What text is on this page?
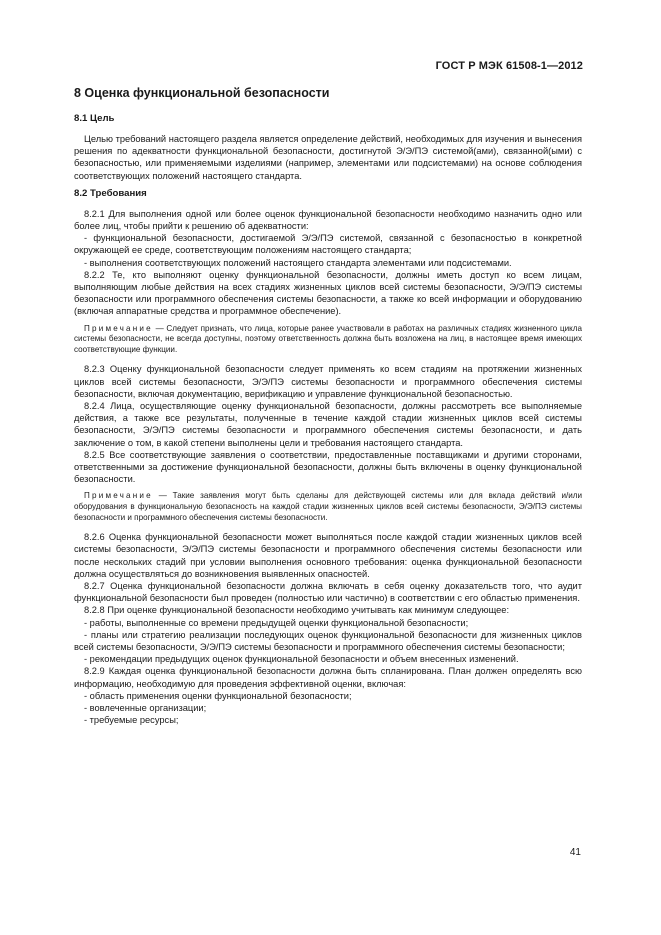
ГОСТ Р МЭК 61508-1—2012
8 Оценка функциональной безопасности
8.1 Цель

Целью требований настоящего раздела является определение действий, необходимых для изучения и вынесения решения по адекватности функциональной безопасности, достигнутой Э/Э/ПЭ системой(ами), связанной(ыми) с безопасностью, или применяемыми изделиями (например, элементами или подсистемами) на основе соблюдения соответствующих положений настоящего стандарта.

8.2 Требования

8.2.1 Для выполнения одной или более оценок функциональной безопасности необходимо назначить одно или более лиц, чтобы прийти к решению об адекватности:

- функциональной безопасности, достигаемой Э/Э/ПЭ системой, связанной с безопасностью в конкретной окружающей ее среде, соответствующим положениям настоящего стандарта;

- выполнения соответствующих положений настоящего стандарта элементами или подсистемами.

8.2.2 Те, кто выполняют оценку функциональной безопасности, должны иметь доступ ко всем лицам, выполняющим любые действия на всех стадиях жизненных циклов всей системы безопасности, Э/Э/ПЭ системы безопасности или программного обеспечения системы безопасности, а также ко всей информации и оборудованию (включая аппаратные средства и программное обеспечение).

Примечание — Следует признать, что лица, которые ранее участвовали в работах на различных стадиях жизненного цикла системы безопасности, не всегда доступны, поэтому ответственность должна быть возложена на лиц, в настоящее время имеющих соответствующие функции.

8.2.3 Оценку функциональной безопасности следует применять ко всем стадиям на протяжении жизненных циклов всей системы безопасности, Э/Э/ПЭ системы безопасности и программного обеспечения системы безопасности, включая документацию, верификацию и управление функциональной безопасностью.

8.2.4 Лица, осуществляющие оценку функциональной безопасности, должны рассмотреть все выполняемые действия, а также все результаты, полученные в течение каждой стадии жизненных циклов всей системы безопасности, Э/Э/ПЭ системы безопасности и программного обеспечения системы безопасности, и дать заключение о том, в какой степени выполнены цели и требования настоящего стандарта.

8.2.5 Все соответствующие заявления о соответствии, предоставленные поставщиками и другими сторонами, ответственными за достижение функциональной безопасности, должны быть включены в оценку функциональной безопасности.

Примечание — Такие заявления могут быть сделаны для действующей системы или для вклада действий и/или оборудования в функциональную безопасность на каждой стадии жизненных циклов всей системы безопасности, Э/Э/ПЭ системы безопасности и программного обеспечения системы безопасности.

8.2.6 Оценка функциональной безопасности может выполняться после каждой стадии жизненных циклов всей системы безопасности, Э/Э/ПЭ системы безопасности и программного обеспечения системы безопасности или после нескольких стадий при условии выполнения основного требования: оценка функциональной безопасности должна осуществляться до возникновения выявленных опасностей.

8.2.7 Оценка функциональной безопасности должна включать в себя оценку доказательств того, что аудит функциональной безопасности был проведен (полностью или частично) в соответствии с его областью применения.

8.2.8 При оценке функциональной безопасности необходимо учитывать как минимум следующее:

- работы, выполненные со времени предыдущей оценки функциональной безопасности;

- планы или стратегию реализации последующих оценок функциональной безопасности для жизненных циклов всей системы безопасности, Э/Э/ПЭ системы безопасности и программного обеспечения системы безопасности;

- рекомендации предыдущих оценок функциональной безопасности и объем внесенных изменений.

8.2.9 Каждая оценка функциональной безопасности должна быть спланирована. План должен определять всю информацию, необходимую для проведения эффективной оценки, включая:

- область применения оценки функциональной безопасности;

- вовлеченные организации;

- требуемые ресурсы;

41
